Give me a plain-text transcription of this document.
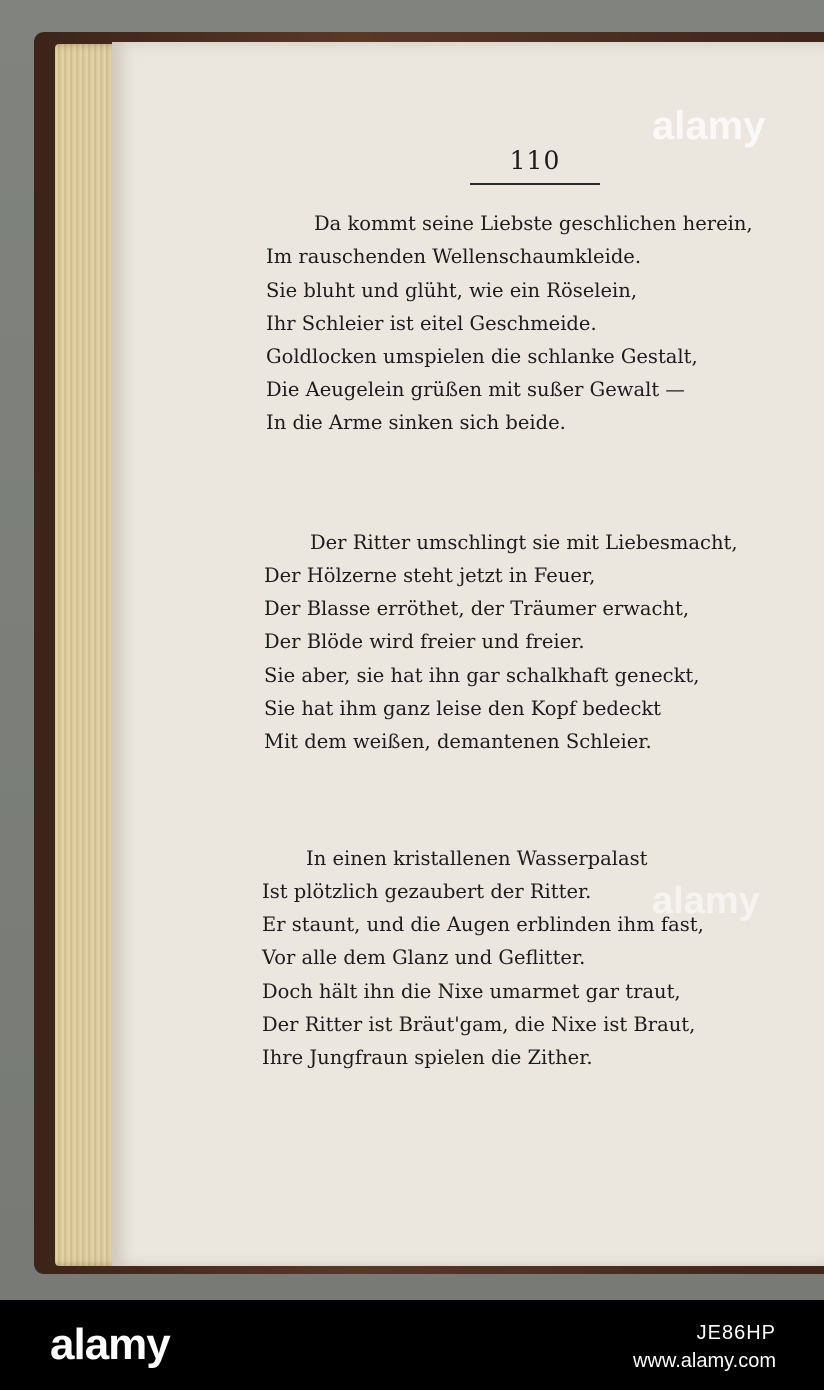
110
Da kommt seine Liebste geschlichen herein,
Im rauschenden Wellenschaumkleide.
Sie bluht und glüht, wie ein Röselein,
Ihr Schleier ist eitel Geschmeide.
Goldlocken umspielen die schlanke Gestalt,
Die Aeugelein grüßen mit sußer Gewalt —
In die Arme sinken sich beide.
Der Ritter umschlingt sie mit Liebesmacht,
Der Hölzerne steht jetzt in Feuer,
Der Blasse erröthet, der Träumer erwacht,
Der Blöde wird freier und freier.
Sie aber, sie hat ihn gar schalkhaft geneckt,
Sie hat ihm ganz leise den Kopf bedeckt
Mit dem weißen, demantenen Schleier.
In einen kristallenen Wasserpalast
Ist plötzlich gezaubert der Ritter.
Er staunt, und die Augen erblinden ihm fast,
Vor alle dem Glanz und Geflitter.
Doch hält ihn die Nixe umarmet gar traut,
Der Ritter ist Bräut'gam, die Nixe ist Braut,
Ihre Jungfraun spielen die Zither.
alamy
alamy
alamy	JE86HP
www.alamy.com
